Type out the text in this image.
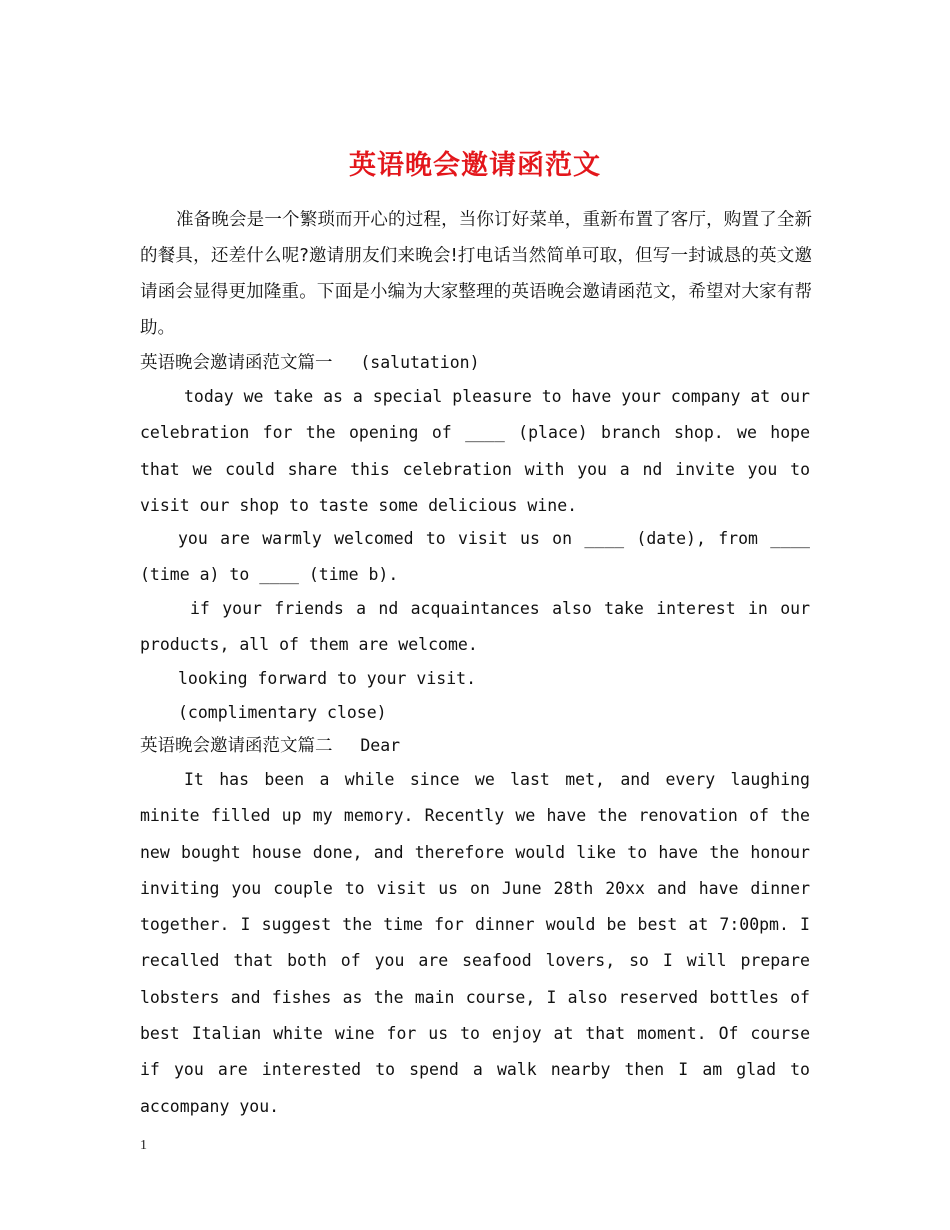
英语晚会邀请函范文
准备晚会是一个繁琐而开心的过程，当你订好菜单，重新布置了客厅，购置了全新的餐具，还差什么呢?邀请朋友们来晚会!打电话当然简单可取，但写一封诚恳的英文邀请函会显得更加隆重。下面是小编为大家整理的英语晚会邀请函范文，希望对大家有帮助。
英语晚会邀请函范文篇一 (salutation)
today we take as a special pleasure to have your company at our celebration for the opening of ____ (place) branch shop. we hope that we could share this celebration with you a nd invite you to visit our shop to taste some delicious wine.
you are warmly welcomed to visit us on ____ (date), from ____ (time a) to ____ (time b).
if your friends a nd acquaintances also take interest in our products, all of them are welcome.
looking forward to your visit.
(complimentary close)
英语晚会邀请函范文篇二 Dear
It has been a while since we last met, and every laughing minite filled up my memory. Recently we have the renovation of the new bought house done, and therefore would like to have the honour inviting you couple to visit us on June 28th 20xx and have dinner together. I suggest the time for dinner would be best at 7:00pm. I recalled that both of you are seafood lovers, so I will prepare lobsters and fishes as the main course, I also reserved bottles of best Italian white wine for us to enjoy at that moment. Of course if you are interested to spend a walk nearby then I am glad to accompany you.
1
